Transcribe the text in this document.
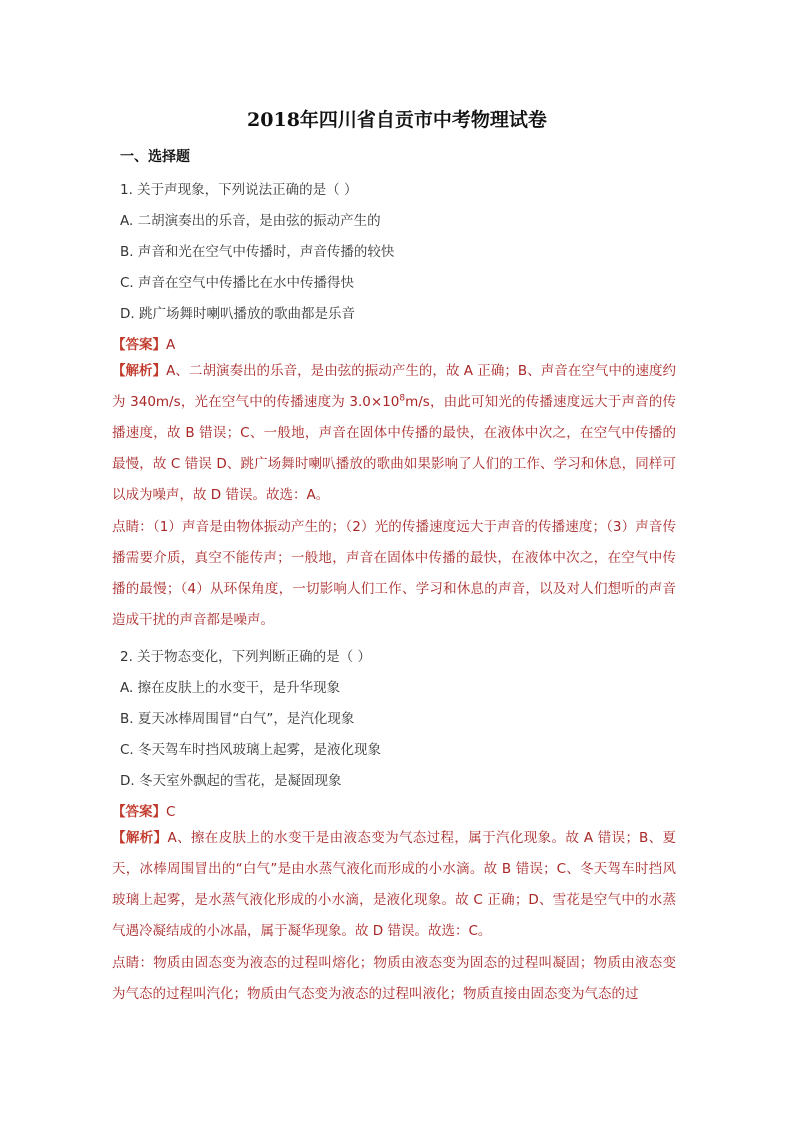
2018年四川省自贡市中考物理试卷
一、选择题
1. 关于声现象，下列说法正确的是（ ）
A. 二胡演奏出的乐音，是由弦的振动产生的
B. 声音和光在空气中传播时，声音传播的较快
C. 声音在空气中传播比在水中传播得快
D. 跳广场舞时喇叭播放的歌曲都是乐音
【答案】A
【解析】A、二胡演奏出的乐音，是由弦的振动产生的，故 A 正确；B、声音在空气中的速度约为 340m/s，光在空气中的传播速度为 $3.0\times 10^8m/s$，由此可知光的传播速度远大于声音的传播速度，故 B 错误；C、一般地，声音在固体中传播的最快，在液体中次之，在空气中传播的最慢，故 C 错误 D、跳广场舞时喇叭播放的歌曲如果影响了人们的工作、学习和休息，同样可以成为噪声，故 D 错误。故选：A。
点睛：（1）声音是由物体振动产生的；（2）光的传播速度远大于声音的传播速度；（3）声音传播需要介质，真空不能传声；一般地，声音在固体中传播的最快，在液体中次之，在空气中传播的最慢；（4）从环保角度，一切影响人们工作、学习和休息的声音，以及对人们想听的声音造成干扰的声音都是噪声。
2. 关于物态变化，下列判断正确的是（ ）
A. 擦在皮肤上的水变干，是升华现象
B. 夏天冰棒周围冒“白气”，是汽化现象
C. 冬天驾车时挡风玻璃上起雾，是液化现象
D. 冬天室外飘起的雪花，是凝固现象
【答案】C
【解析】A、擦在皮肤上的水变干是由液态变为气态过程，属于汽化现象。故 A 错误；B、夏天，冰棒周围冒出的“白气”是由水蒸气液化而形成的小水滴。故 B 错误；C、冬天驾车时挡风玻璃上起雾，是水蒸气液化形成的小水滴，是液化现象。故 C 正确；D、雪花是空气中的水蒸气遇冷凝结成的小冰晶，属于凝华现象。故 D 错误。故选：C。
点睛：物质由固态变为液态的过程叫熔化；物质由液态变为固态的过程叫凝固；物质由液态变为气态的过程叫汽化；物质由气态变为液态的过程叫液化；物质直接由固态变为气态的过
